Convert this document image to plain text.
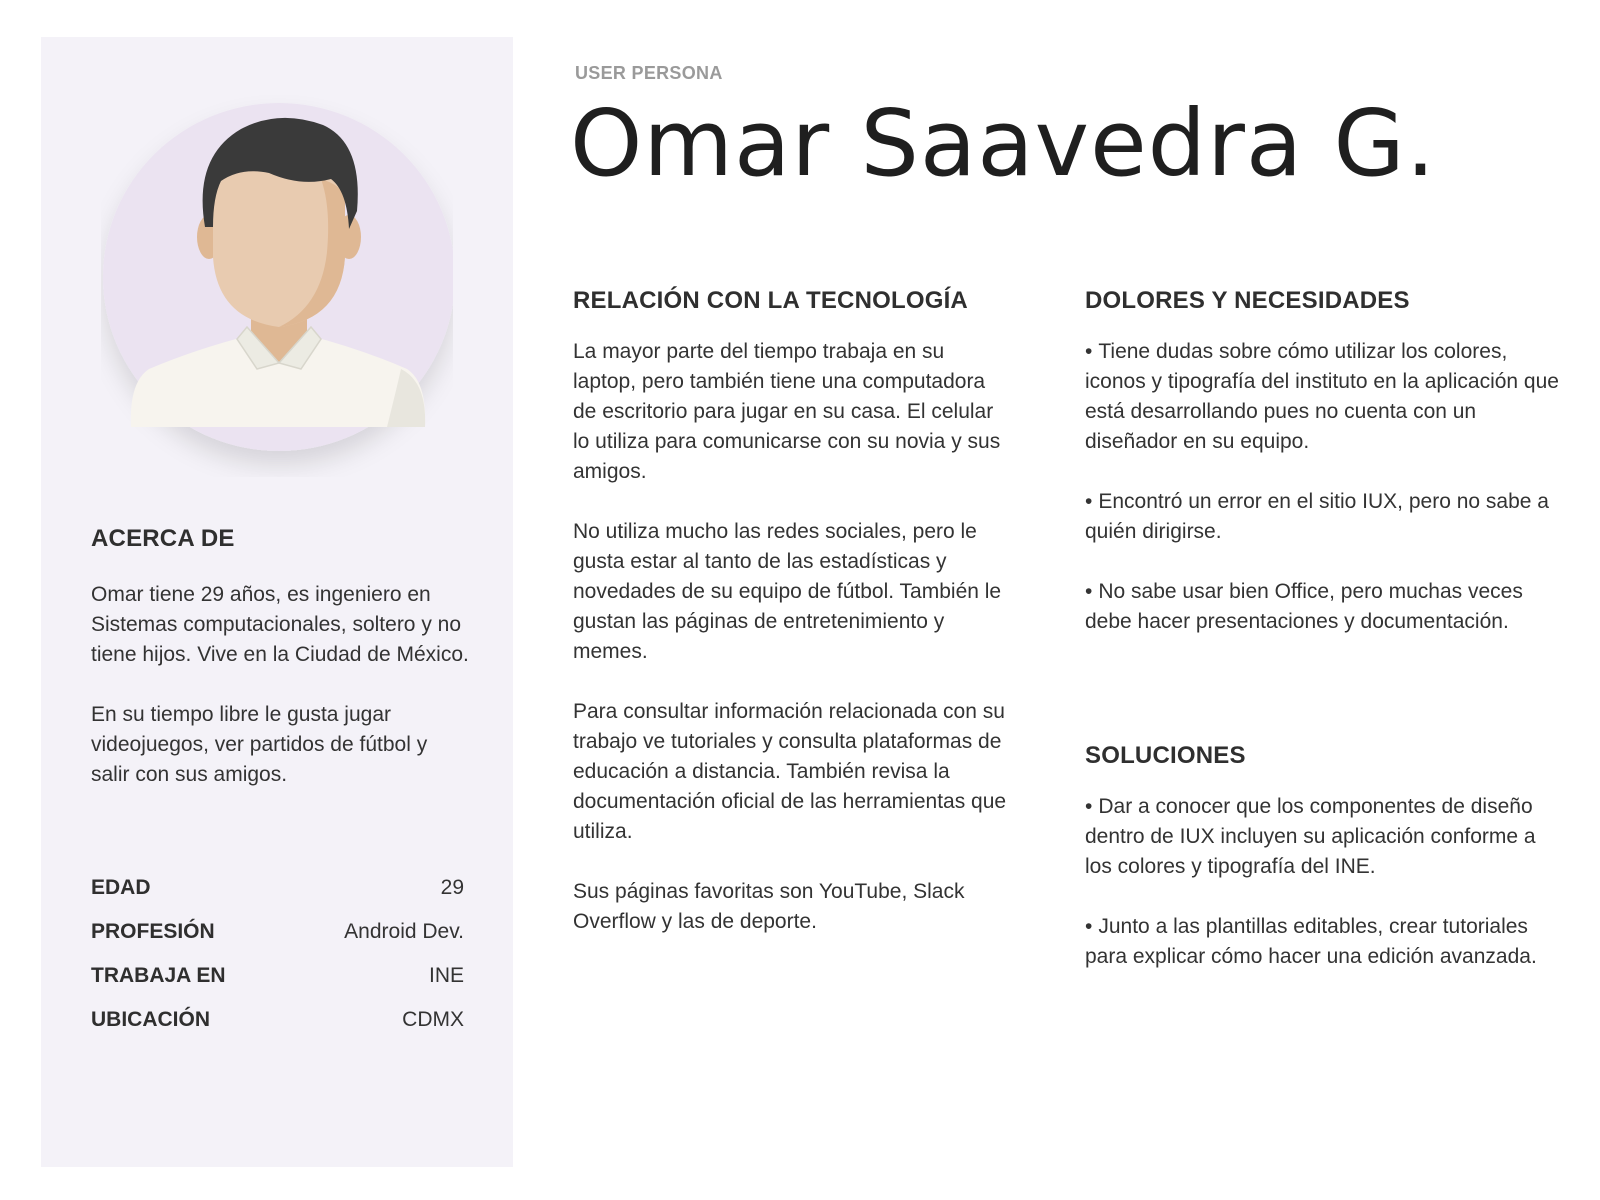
ACERCA DE

Omar tiene 29 años, es ingeniero en Sistemas computacionales, soltero y no tiene hijos. Vive en la Ciudad de México.

En su tiempo libre le gusta jugar videojuegos, ver partidos de fútbol y salir con sus amigos.

EDAD	29
PROFESIÓN	Android Dev.
TRABAJA EN	INE
UBICACIÓN	CDMX
USER PERSONA
Omar Saavedra G.
RELACIÓN CON LA TECNOLOGÍA

La mayor parte del tiempo trabaja en su laptop, pero también tiene una computadora de escritorio para jugar en su casa. El celular lo utiliza para comunicarse con su novia y sus amigos.

No utiliza mucho las redes sociales, pero le gusta estar al tanto de las estadísticas y novedades de su equipo de fútbol. También le gustan las páginas de entretenimiento y memes.

Para consultar información relacionada con su trabajo ve tutoriales y consulta plataformas de educación a distancia. También revisa la documentación oficial de las herramientas que utiliza.

Sus páginas favoritas son YouTube, Slack Overflow y las de deporte.

DOLORES Y NECESIDADES

• Tiene dudas sobre cómo utilizar los colores, iconos y tipografía del instituto en la aplicación que está desarrollando pues no cuenta con un diseñador en su equipo.

• Encontró un error en el sitio IUX, pero no sabe a quién dirigirse.

• No sabe usar bien Office, pero muchas veces debe hacer presentaciones y documentación.

SOLUCIONES

• Dar a conocer que los componentes de diseño dentro de IUX incluyen su aplicación conforme a los colores y tipografía del INE.

• Junto a las plantillas editables, crear tutoriales para explicar cómo hacer una edición avanzada.
